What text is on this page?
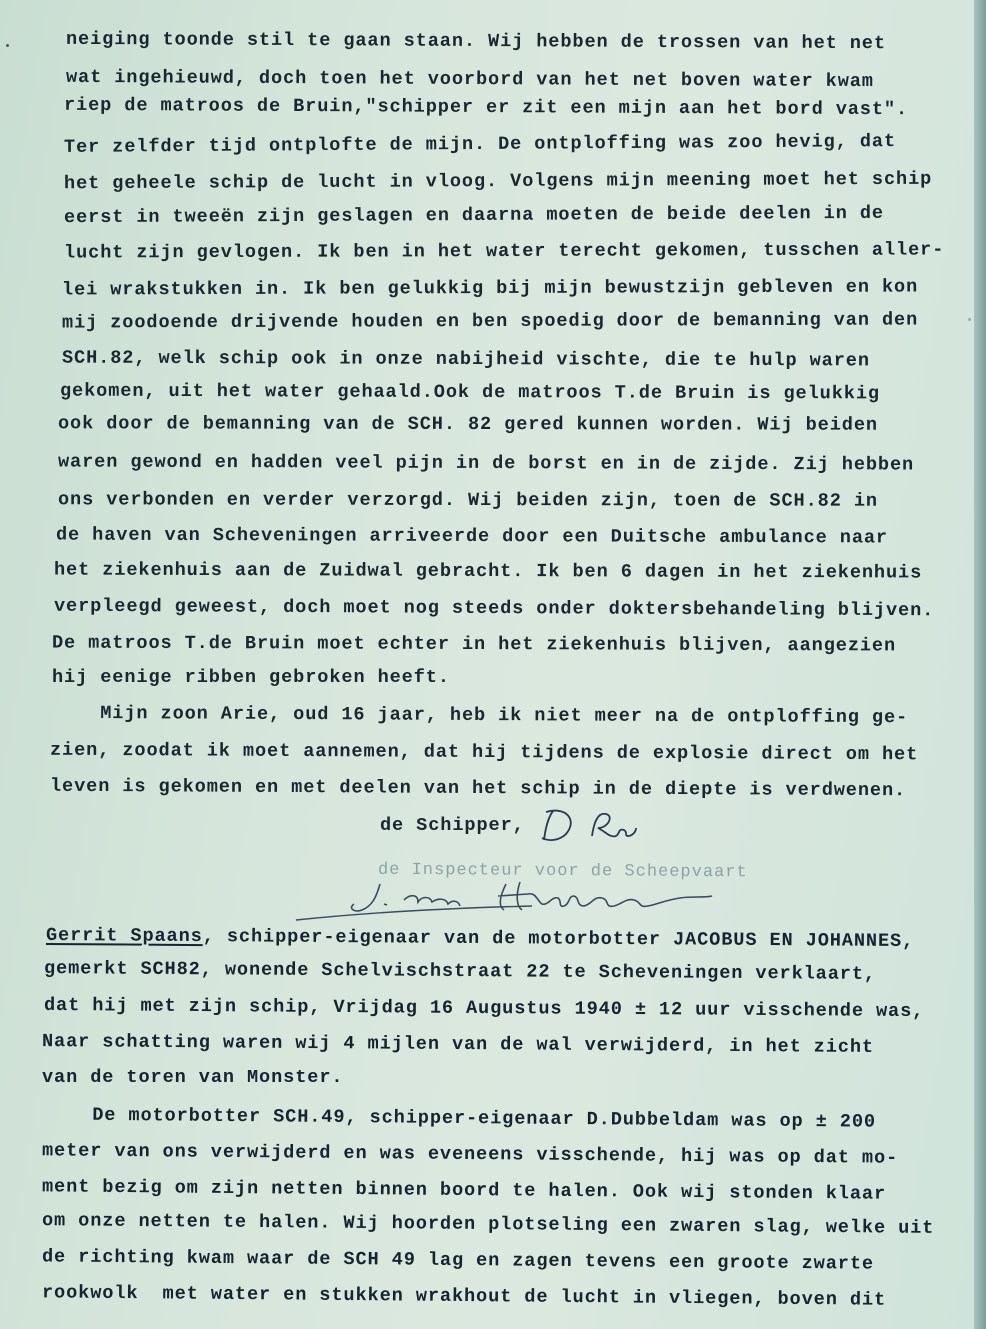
neiging toonde stil te gaan staan. Wij hebben de trossen van het net
wat ingehieuwd, doch toen het voorbord van het net boven water kwam
riep de matroos de Bruin,"schipper er zit een mijn aan het bord vast".
Ter zelfder tijd ontplofte de mijn. De ontploffing was zoo hevig, dat
het geheele schip de lucht in vloog. Volgens mijn meening moet het schip
eerst in tweeën zijn geslagen en daarna moeten de beide deelen in de
lucht zijn gevlogen. Ik ben in het water terecht gekomen, tusschen aller-
lei wrakstukken in. Ik ben gelukkig bij mijn bewustzijn gebleven en kon
mij zoodoende drijvende houden en ben spoedig door de bemanning van den
SCH.82, welk schip ook in onze nabijheid vischte, die te hulp waren
gekomen, uit het water gehaald.Ook de matroos T.de Bruin is gelukkig
ook door de bemanning van de SCH. 82 gered kunnen worden. Wij beiden
waren gewond en hadden veel pijn in de borst en in de zijde. Zij hebben
ons verbonden en verder verzorgd. Wij beiden zijn, toen de SCH.82 in
de haven van Scheveningen arriveerde door een Duitsche ambulance naar
het ziekenhuis aan de Zuidwal gebracht. Ik ben 6 dagen in het ziekenhuis
verpleegd geweest, doch moet nog steeds onder doktersbehandeling blijven.
De matroos T.de Bruin moet echter in het ziekenhuis blijven, aangezien
hij eenige ribben gebroken heeft.
Mijn zoon Arie, oud 16 jaar, heb ik niet meer na de ontploffing ge-
zien, zoodat ik moet aannemen, dat hij tijdens de explosie direct om het
leven is gekomen en met deelen van het schip in de diepte is verdwenen.
de Schipper,
de Inspecteur voor de Scheepvaart
Gerrit Spaans, schipper-eigenaar van de motorbotter JACOBUS EN JOHANNES,
gemerkt SCH82, wonende Schelvischstraat 22 te Scheveningen verklaart,
dat hij met zijn schip, Vrijdag 16 Augustus 1940 ± 12 uur visschende was,
Naar schatting waren wij 4 mijlen van de wal verwijderd, in het zicht
van de toren van Monster.
De motorbotter SCH.49, schipper-eigenaar D.Dubbeldam was op ± 200
meter van ons verwijderd en was eveneens visschende, hij was op dat mo-
ment bezig om zijn netten binnen boord te halen. Ook wij stonden klaar
om onze netten te halen. Wij hoorden plotseling een zwaren slag, welke uit
de richting kwam waar de SCH 49 lag en zagen tevens een groote zwarte
rookwolk  met water en stukken wrakhout de lucht in vliegen, boven dit
